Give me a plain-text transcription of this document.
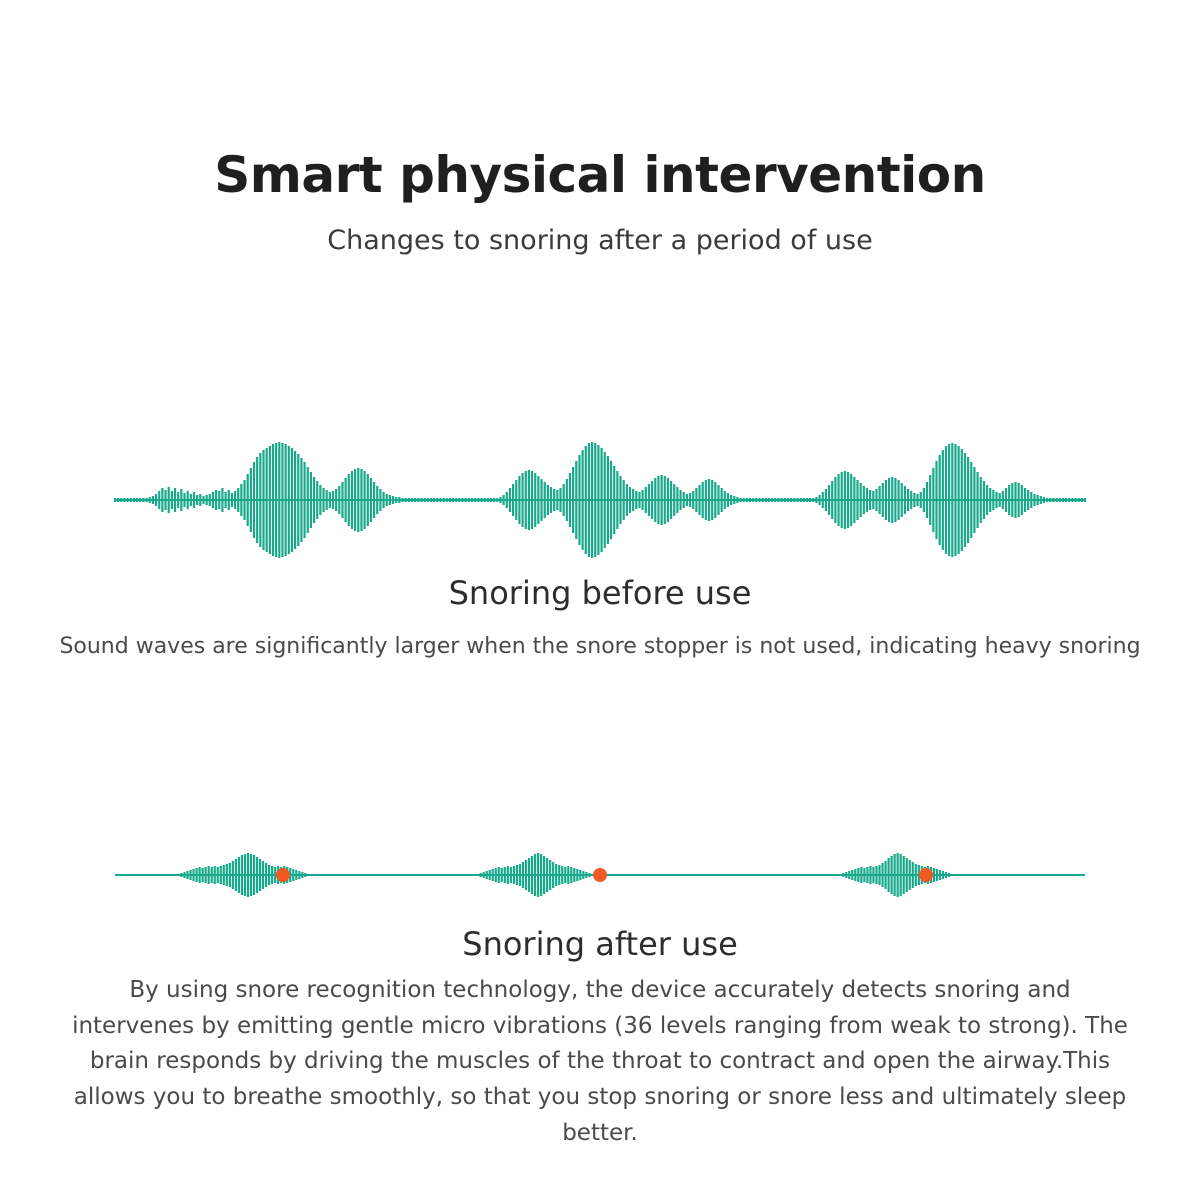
Smart physical intervention
Changes to snoring after a period of use
Snoring before use
Sound waves are significantly larger when the snore stopper is not used, indicating heavy snoring
Snoring after use
By using snore recognition technology, the device accurately detects snoring and intervenes by emitting gentle micro vibrations (36 levels ranging from weak to strong). The brain responds by driving the muscles of the throat to contract and open the airway.This allows you to breathe smoothly, so that you stop snoring or snore less and ultimately sleep better.
